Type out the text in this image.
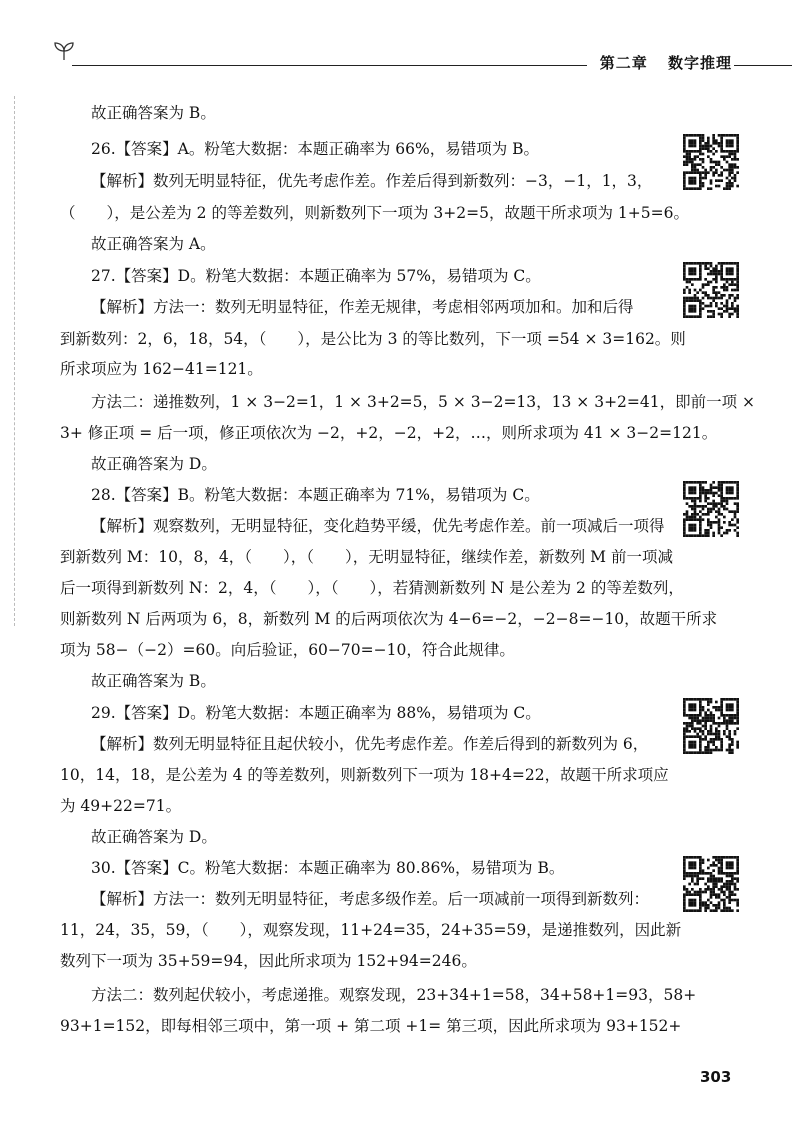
第二章 数字推理
故正确答案为 B。
26.【答案】A。粉笔大数据：本题正确率为 66%，易错项为 B。
【解析】数列无明显特征，优先考虑作差。作差后得到新数列：−3，−1，1，3，
（　　），是公差为 2 的等差数列，则新数列下一项为 3+2=5，故题干所求项为 1+5=6。
故正确答案为 A。
27.【答案】D。粉笔大数据：本题正确率为 57%，易错项为 C。
【解析】方法一：数列无明显特征，作差无规律，考虑相邻两项加和。加和后得
到新数列：2，6，18，54，（　　），是公比为 3 的等比数列，下一项 =54 × 3=162。则
所求项应为 162−41=121。
方法二：递推数列，1 × 3−2=1，1 × 3+2=5，5 × 3−2=13，13 × 3+2=41，即前一项 ×
3+ 修正项 = 后一项，修正项依次为 −2，+2，−2，+2，…，则所求项为 41 × 3−2=121。
故正确答案为 D。
28.【答案】B。粉笔大数据：本题正确率为 71%，易错项为 C。
【解析】观察数列，无明显特征，变化趋势平缓，优先考虑作差。前一项减后一项得
到新数列 M：10，8，4，（　　），（　　），无明显特征，继续作差，新数列 M 前一项减
后一项得到新数列 N：2，4，（　　），（　　），若猜测新数列 N 是公差为 2 的等差数列，
则新数列 N 后两项为 6，8，新数列 M 的后两项依次为 4−6=−2，−2−8=−10，故题干所求
项为 58−（−2）=60。向后验证，60−70=−10，符合此规律。
故正确答案为 B。
29.【答案】D。粉笔大数据：本题正确率为 88%，易错项为 C。
【解析】数列无明显特征且起伏较小，优先考虑作差。作差后得到的新数列为 6，
10，14，18，是公差为 4 的等差数列，则新数列下一项为 18+4=22，故题干所求项应
为 49+22=71。
故正确答案为 D。
30.【答案】C。粉笔大数据：本题正确率为 80.86%，易错项为 B。
【解析】方法一：数列无明显特征，考虑多级作差。后一项减前一项得到新数列：
11，24，35，59，（　　），观察发现，11+24=35，24+35=59，是递推数列，因此新
数列下一项为 35+59=94，因此所求项为 152+94=246。
方法二：数列起伏较小，考虑递推。观察发现，23+34+1=58，34+58+1=93，58+
93+1=152，即每相邻三项中，第一项 + 第二项 +1= 第三项，因此所求项为 93+152+
303
